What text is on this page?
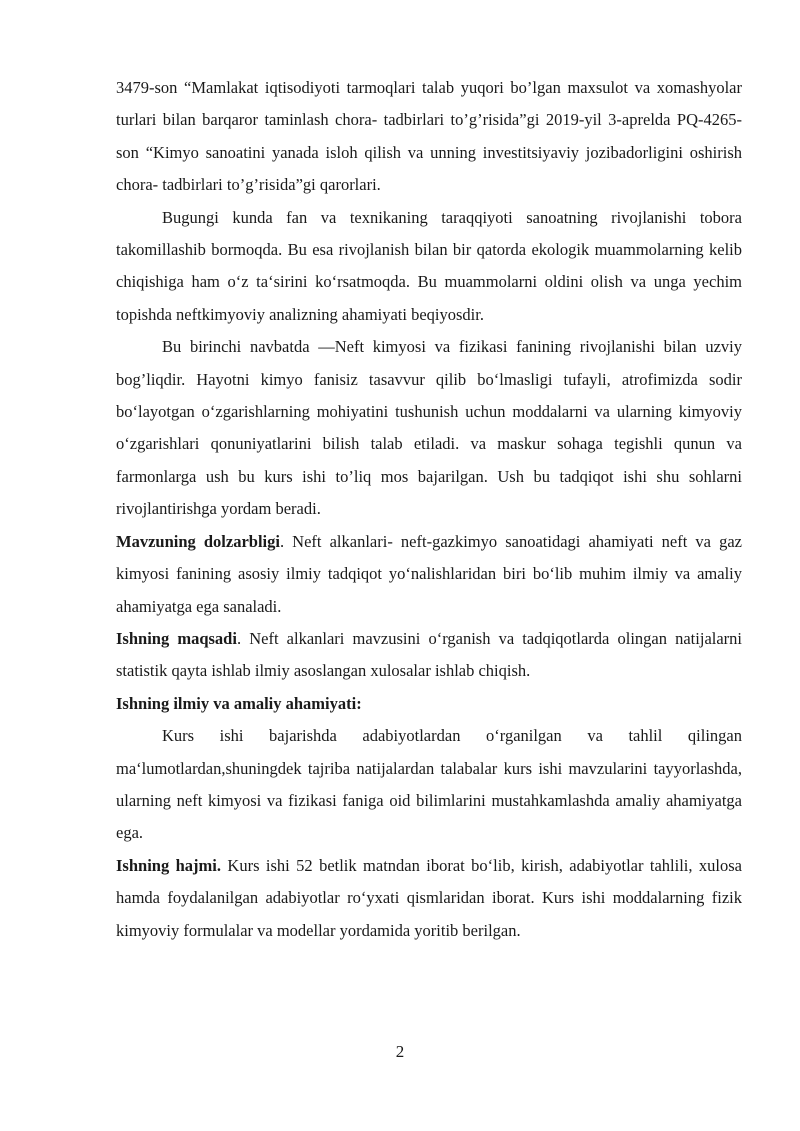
3479-son “Mamlakat iqtisodiyoti tarmoqlari talab yuqori bo’lgan maxsulot va xomashyolar turlari bilan barqaror taminlash chora- tadbirlari to’g’risida”gi 2019-yil 3-aprelda PQ-4265-son “Kimyo sanoatini yanada isloh qilish va unning investitsiyaviy jozibadorligini oshirish chora- tadbirlari to’g’risida”gi qarorlari.

Bugungi kunda fan va texnikaning taraqqiyoti sanoatning rivojlanishi tobora takomillashib bormoqda. Bu esa rivojlanish bilan bir qatorda ekologik muammolarning kelib chiqishiga ham o‘z ta‘sirini ko‘rsatmoqda. Bu muammolarni oldini olish va unga yechim topishda neftkimyoviy analizning ahamiyati beqiyosdir.

Bu birinchi navbatda —Neft kimyosi va fizikasi fanining rivojlanishi bilan uzviy bog’liqdir. Hayotni kimyo fanisiz tasavvur qilib bo‘lmasligi tufayli, atrofimizda sodir bo‘layotgan o‘zgarishlarning mohiyatini tushunish uchun moddalarni va ularning kimyoviy o‘zgarishlari qonuniyatlarini bilish talab etiladi. va maskur sohaga tegishli qunun va farmonlarga ush bu kurs ishi to’liq mos bajarilgan. Ush bu tadqiqot ishi shu sohlarni rivojlantirishga yordam beradi.

Mavzuning dolzarbligi. Neft alkanlari- neft-gazkimyo sanoatidagi ahamiyati neft va gaz kimyosi fanining asosiy ilmiy tadqiqot yo‘nalishlaridan biri bo‘lib muhim ilmiy va amaliy ahamiyatga ega sanaladi.

Ishning maqsadi. Neft alkanlari mavzusini o‘rganish va tadqiqotlarda olingan natijalarni statistik qayta ishlab ilmiy asoslangan xulosalar ishlab chiqish.

Ishning ilmiy va amaliy ahamiyati:

Kurs ishi bajarishda adabiyotlardan o‘rganilgan va tahlil qilingan ma‘lumotlardan,shuningdek tajriba natijalardan talabalar kurs ishi mavzularini tayyorlashda, ularning neft kimyosi va fizikasi faniga oid bilimlarini mustahkamlashda amaliy ahamiyatga ega.

Ishning hajmi. Kurs ishi 52 betlik matndan iborat bo‘lib, kirish, adabiyotlar tahlili, xulosa hamda foydalanilgan adabiyotlar ro‘yxati qismlaridan iborat. Kurs ishi moddalarning fizik kimyoviy formulalar va modellar yordamida yoritib berilgan.

2
